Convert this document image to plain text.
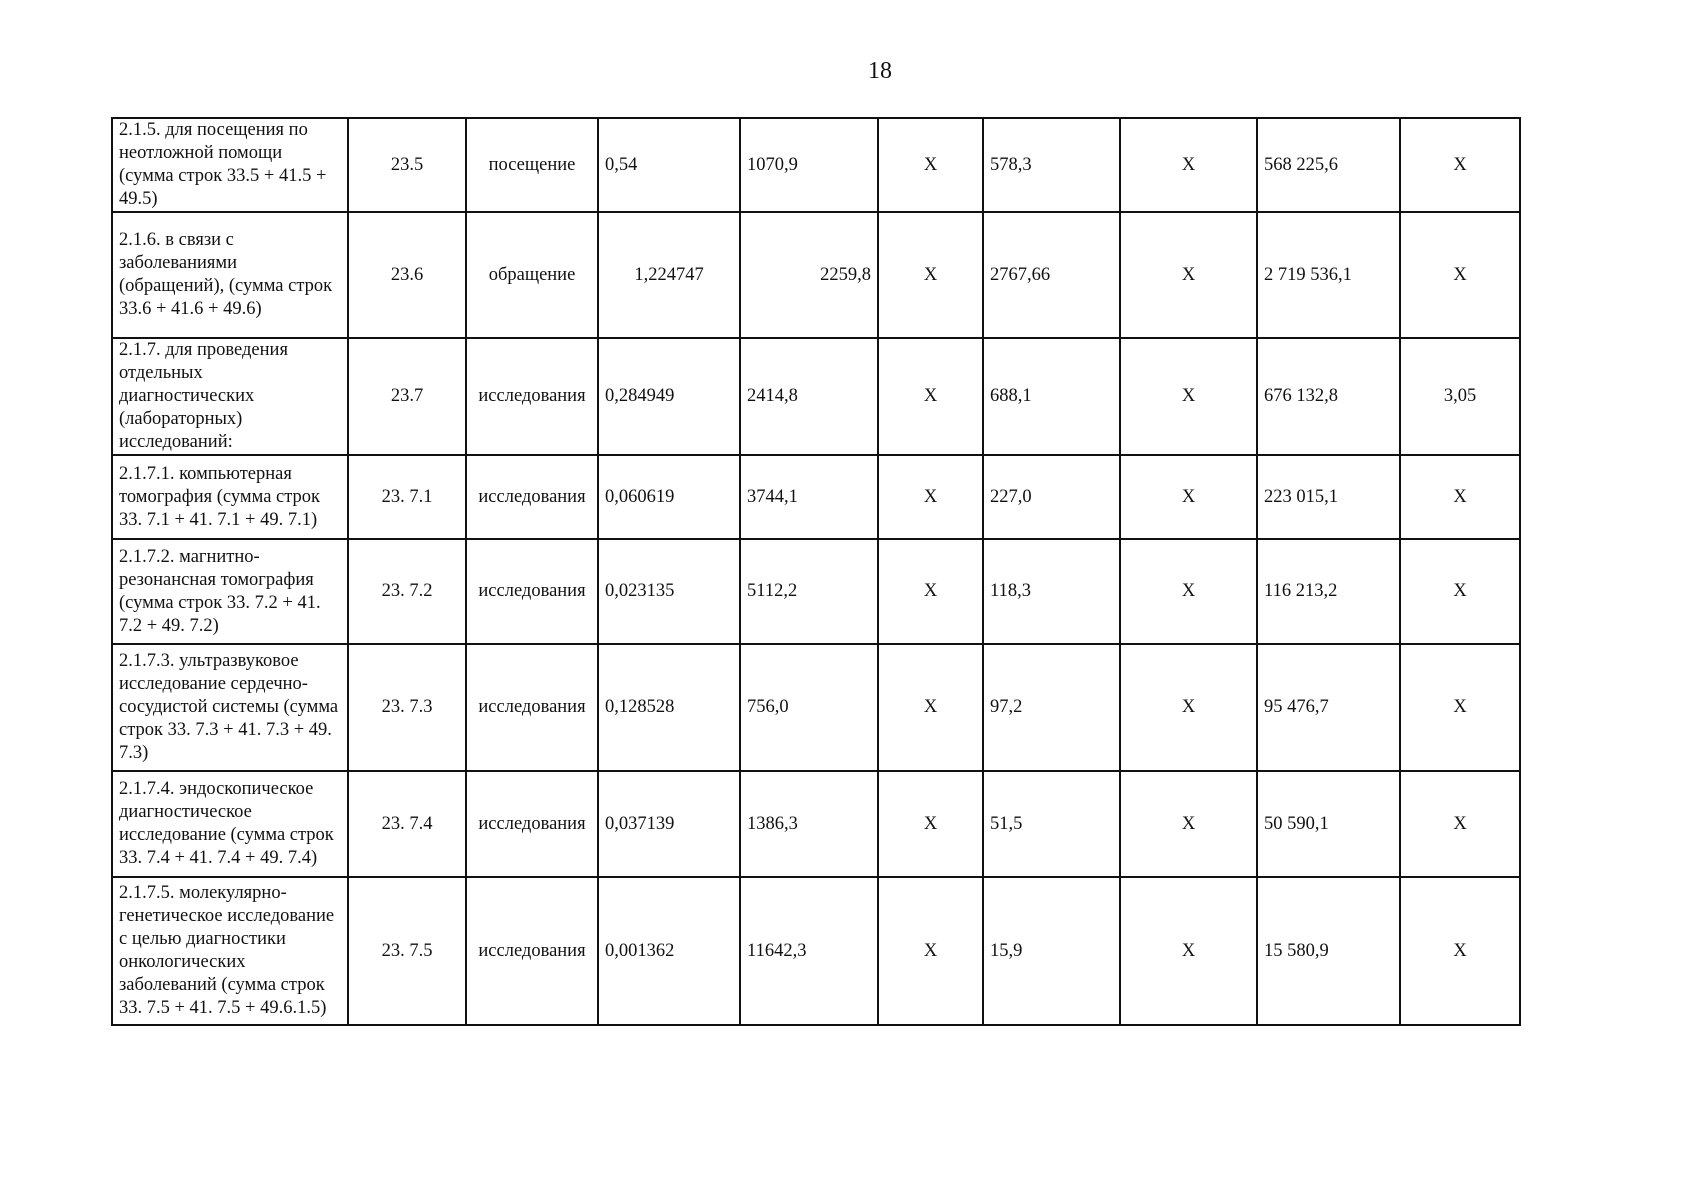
18
2.1.5. для посещения по неотложной помощи (сумма строк 33.5 + 41.5 + 49.5)	23.5	посещение	0,54	1070,9	X	578,3	X	568 225,6	X
2.1.6. в связи с заболеваниями (обращений), (сумма строк 33.6 + 41.6 + 49.6)	23.6	обращение	1,224747	2259,8	X	2767,66	X	2 719 536,1	X
2.1.7. для проведения отдельных диагностических (лабораторных) исследований:	23.7	исследования	0,284949	2414,8	X	688,1	X	676 132,8	3,05
2.1.7.1. компьютерная томография (сумма строк 33. 7.1 + 41. 7.1 + 49. 7.1)	23. 7.1	исследования	0,060619	3744,1	X	227,0	X	223 015,1	X
2.1.7.2. магнитно-резонансная томография (сумма строк 33. 7.2 + 41. 7.2 + 49. 7.2)	23. 7.2	исследования	0,023135	5112,2	X	118,3	X	116 213,2	X
2.1.7.3. ультразвуковое исследование сердечно-сосудистой системы (сумма строк 33. 7.3 + 41. 7.3 + 49. 7.3)	23. 7.3	исследования	0,128528	756,0	X	97,2	X	95 476,7	X
2.1.7.4. эндоскопическое диагностическое исследование (сумма строк 33. 7.4 + 41. 7.4 + 49. 7.4)	23. 7.4	исследования	0,037139	1386,3	X	51,5	X	50 590,1	X
2.1.7.5. молекулярно-генетическое исследование с целью диагностики онкологических заболеваний (сумма строк 33. 7.5 + 41. 7.5 + 49.6.1.5)	23. 7.5	исследования	0,001362	11642,3	X	15,9	X	15 580,9	X
